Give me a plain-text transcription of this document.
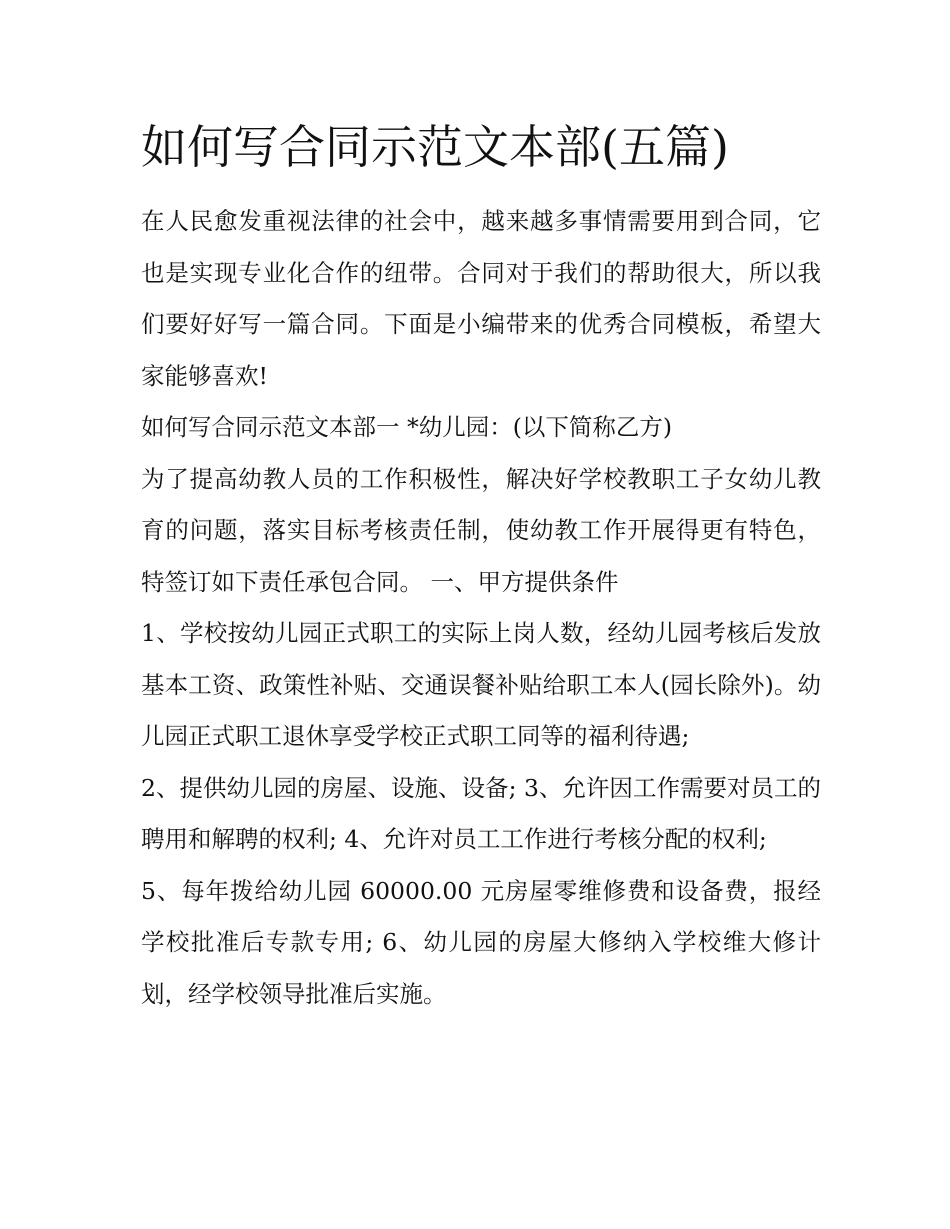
如何写合同示范文本部(五篇)

在人民愈发重视法律的社会中，越来越多事情需要用到合同，它也是实现专业化合作的纽带。合同对于我们的帮助很大，所以我们要好好写一篇合同。下面是小编带来的优秀合同模板，希望大家能够喜欢!

如何写合同示范文本部一 *幼儿园：(以下简称乙方)

为了提高幼教人员的工作积极性，解决好学校教职工子女幼儿教育的问题，落实目标考核责任制，使幼教工作开展得更有特色，特签订如下责任承包合同。 一、甲方提供条件

1、学校按幼儿园正式职工的实际上岗人数，经幼儿园考核后发放基本工资、政策性补贴、交通误餐补贴给职工本人(园长除外)。幼儿园正式职工退休享受学校正式职工同等的福利待遇;

2、提供幼儿园的房屋、设施、设备; 3、允许因工作需要对员工的聘用和解聘的权利; 4、允许对员工工作进行考核分配的权利;

5、每年拨给幼儿园 60000.00 元房屋零维修费和设备费，报经学校批准后专款专用; 6、幼儿园的房屋大修纳入学校维大修计划，经学校领导批准后实施。
